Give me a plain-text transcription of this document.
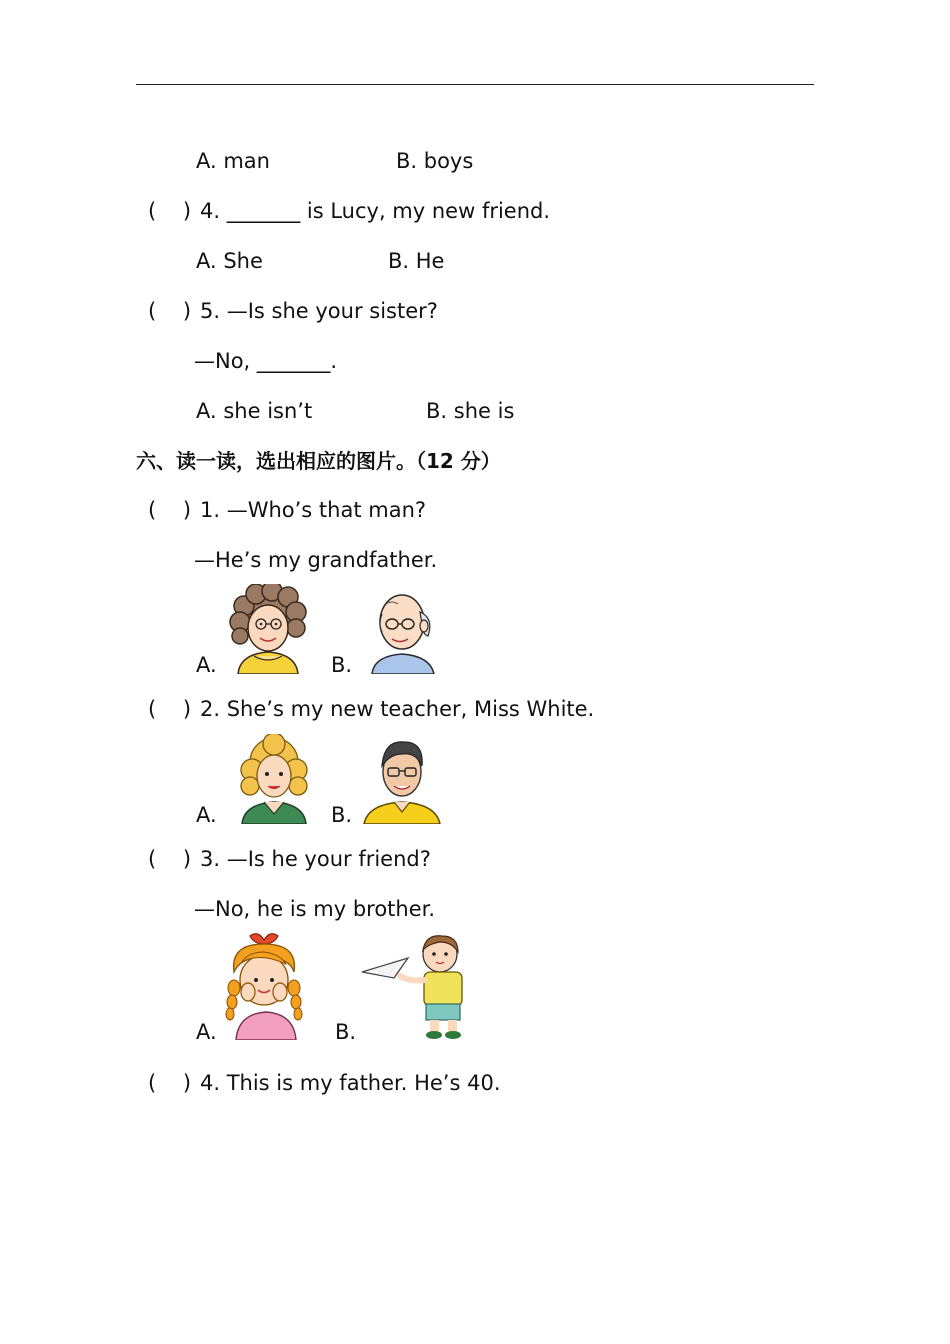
A. man	B. boys
(    ) 4. _______ is Lucy, my new friend.
A. She	B. He
(    ) 5. —Is she your sister?
—No, _______.
A. she isn’t	B. she is
六、读一读，选出相应的图片。（12 分）
(    ) 1. —Who’s that man?
—He’s my grandfather.
A.	B.
(    ) 2. She’s my new teacher, Miss White.
A.	B.
(    ) 3. —Is he your friend?
—No, he is my brother.
A.	B.
(    ) 4. This is my father. He’s 40.
